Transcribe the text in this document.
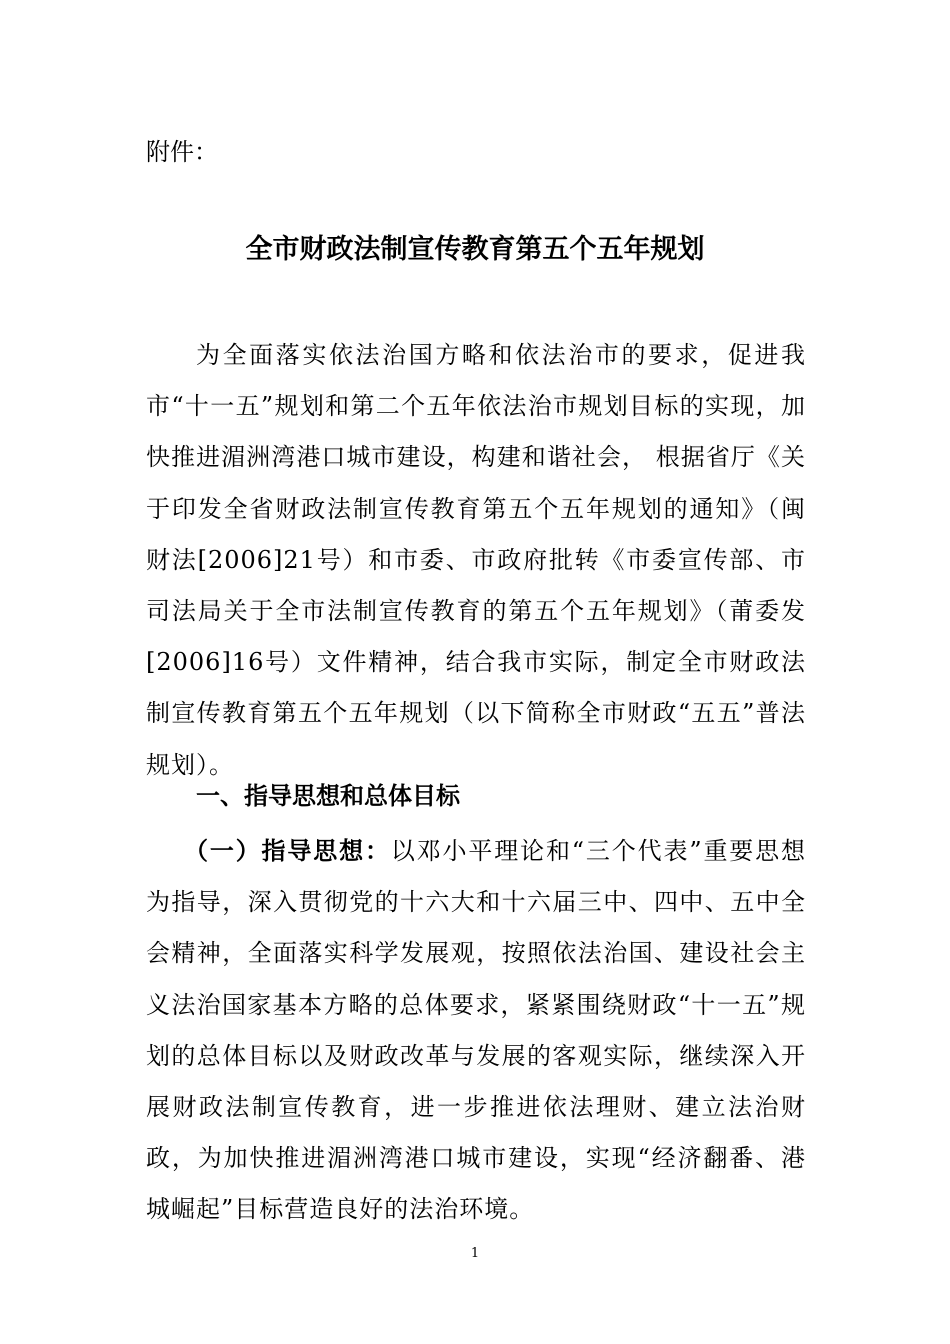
附件：
全市财政法制宣传教育第五个五年规划
为全面落实依法治国方略和依法治市的要求，促进我市“十一五”规划和第二个五年依法治市规划目标的实现，加快推进湄洲湾港口城市建设，构建和谐社会， 根据省厅《关于印发全省财政法制宣传教育第五个五年规划的通知》（闽财法[2006]21号）和市委、市政府批转《市委宣传部、市司法局关于全市法制宣传教育的第五个五年规划》（莆委发[2006]16号）文件精神，结合我市实际，制定全市财政法制宣传教育第五个五年规划（以下简称全市财政“五五”普法规划）。
一、指导思想和总体目标
（一）指导思想：以邓小平理论和“三个代表”重要思想为指导，深入贯彻党的十六大和十六届三中、四中、五中全会精神，全面落实科学发展观，按照依法治国、建设社会主义法治国家基本方略的总体要求，紧紧围绕财政“十一五”规划的总体目标以及财政改革与发展的客观实际，继续深入开展财政法制宣传教育，进一步推进依法理财、建立法治财政，为加快推进湄洲湾港口城市建设，实现“经济翻番、港城崛起”目标营造良好的法治环境。
1
